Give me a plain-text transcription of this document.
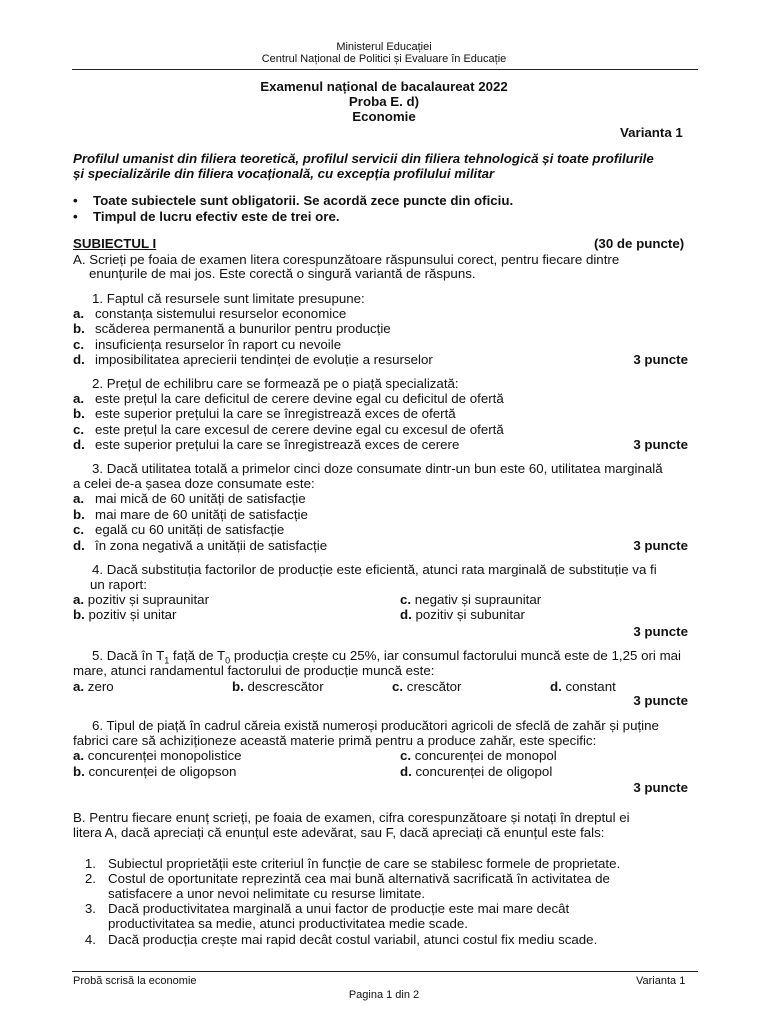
Ministerul Educației
Centrul Național de Politici și Evaluare în Educație
Examenul național de bacalaureat 2022
Proba E. d)
Economie
Varianta 1
Profilul umanist din filiera teoretică, profilul servicii din filiera tehnologică și toate profilurile
și specializările din filiera vocațională, cu excepția profilului militar
• Toate subiectele sunt obligatorii. Se acordă zece puncte din oficiu.
• Timpul de lucru efectiv este de trei ore.
SUBIECTUL I	(30 de puncte)
A. Scrieți pe foaia de examen litera corespunzătoare răspunsului corect, pentru fiecare dintre
enunțurile de mai jos. Este corectă o singură variantă de răspuns.
1. Faptul că resursele sunt limitate presupune:
a. constanța sistemului resurselor economice
b. scăderea permanentă a bunurilor pentru producție
c. insuficiența resurselor în raport cu nevoile
d. imposibilitatea aprecierii tendinței de evoluție a resurselor	3 puncte
2. Prețul de echilibru care se formează pe o piață specializată:
a. este prețul la care deficitul de cerere devine egal cu deficitul de ofertă
b. este superior prețului la care se înregistrează exces de ofertă
c. este prețul la care excesul de cerere devine egal cu excesul de ofertă
d. este superior prețului la care se înregistrează exces de cerere	3 puncte
3. Dacă utilitatea totală a primelor cinci doze consumate dintr-un bun este 60, utilitatea marginală
a celei de-a șasea doze consumate este:
a. mai mică de 60 unități de satisfacție
b. mai mare de 60 unități de satisfacție
c. egală cu 60 unități de satisfacție
d. în zona negativă a unității de satisfacție	3 puncte
4. Dacă substituția factorilor de producție este eficientă, atunci rata marginală de substituție va fi
un raport:
a. pozitiv și supraunitar	c. negativ și supraunitar
b. pozitiv și unitar	d. pozitiv și subunitar
3 puncte
5. Dacă în $T_1$ față de $T_0$ producția crește cu 25%, iar consumul factorului muncă este de 1,25 ori mai
mare, atunci randamentul factorului de producție muncă este:
a. zero	b. descrescător	c. crescător	d. constant
3 puncte
6. Tipul de piață în cadrul căreia există numeroși producători agricoli de sfeclă de zahăr și puține
fabrici care să achiziționeze această materie primă pentru a produce zahăr, este specific:
a. concurenței monopolistice	c. concurenței de monopol
b. concurenței de oligopson	d. concurenței de oligopol
3 puncte
B. Pentru fiecare enunț scrieți, pe foaia de examen, cifra corespunzătoare și notați în dreptul ei
litera A, dacă apreciați că enunțul este adevărat, sau F, dacă apreciați că enunțul este fals:
1. Subiectul proprietății este criteriul în funcție de care se stabilesc formele de proprietate.
2. Costul de oportunitate reprezintă cea mai bună alternativă sacrificată în activitatea de
satisfacere a unor nevoi nelimitate cu resurse limitate.
3. Dacă productivitatea marginală a unui factor de producție este mai mare decât
productivitatea sa medie, atunci productivitatea medie scade.
4. Dacă producția crește mai rapid decât costul variabil, atunci costul fix mediu scade.
Probă scrisă la economie	Varianta 1
Pagina 1 din 2
